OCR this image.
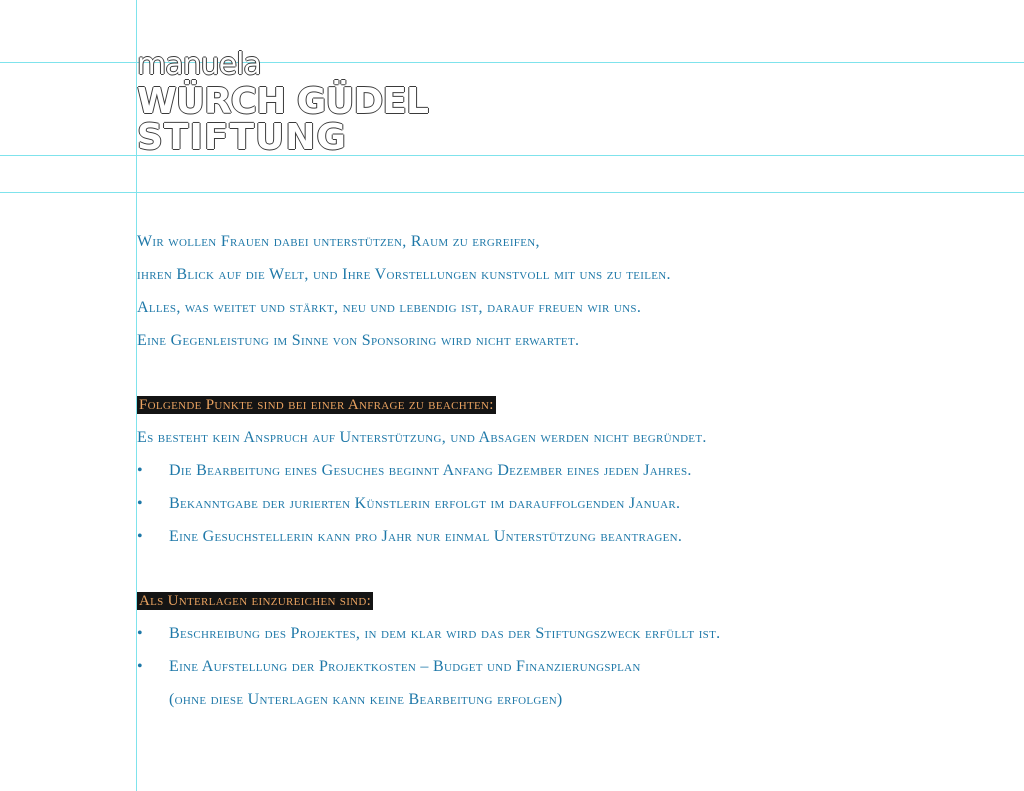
manuela
WÜRCH GÜDEL
STIFTUNG
Wir wollen Frauen dabei unterstützen, Raum zu ergreifen,
ihren Blick auf die Welt, und Ihre Vorstellungen kunstvoll mit uns zu teilen.
Alles, was weitet und stärkt, neu und lebendig ist, darauf freuen wir uns.
Eine Gegenleistung im Sinne von Sponsoring wird nicht erwartet.
Folgende Punkte sind bei einer Anfrage zu beachten:
Es besteht kein Anspruch auf Unterstützung, und Absagen werden nicht begründet.
• Die Bearbeitung eines Gesuches beginnt Anfang Dezember eines jeden Jahres.
• Bekanntgabe der jurierten Künstlerin erfolgt im darauffolgenden Januar.
• Eine Gesuchstellerin kann pro Jahr nur einmal Unterstützung beantragen.
Als Unterlagen einzureichen sind:
• Beschreibung des Projektes, in dem klar wird das der Stiftungszweck erfüllt ist.
• Eine Aufstellung der Projektkosten – Budget und Finanzierungsplan
(ohne diese Unterlagen kann keine Bearbeitung erfolgen)
